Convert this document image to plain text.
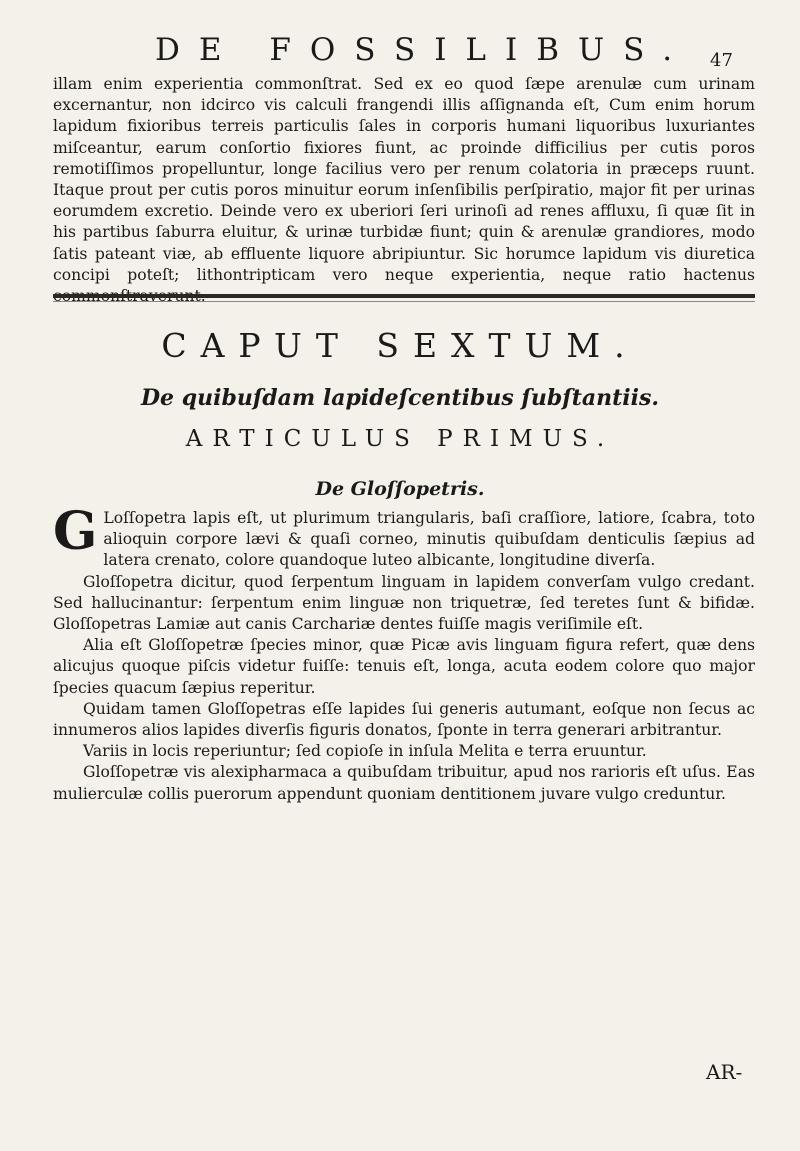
DE FOSSILIBUS. 47

illam enim experientia commonſtrat. Sed ex eo quod ſæpe arenulæ cum urinam excernantur, non idcirco vis calculi frangendi illis aſſignanda eſt, Cum enim horum lapidum fixioribus terreis particulis ſales in corporis humani liquoribus luxuriantes miſceantur, earum conſortio fixiores fiunt, ac proinde difficilius per cutis poros remotiſſimos propelluntur, longe facilius vero per renum colatoria in præceps ruunt. Itaque prout per cutis poros minuitur eorum inſenſibilis perſpiratio, major fit per urinas eorumdem excretio. Deinde vero ex uberiori ſeri urinoſi ad renes affluxu, ſi quæ ſit in his partibus ſaburra eluitur, & urinæ turbidæ fiunt; quin & arenulæ grandiores, modo ſatis pateant viæ, ab effluente liquore abripiuntur. Sic horumce lapidum vis diuretica concipi poteſt; lithontripticam vero neque experientia, neque ratio hactenus commonſtraverunt.

CAPUT SEXTUM.
De quibuſdam lapideſcentibus ſubſtantiis.
ARTICULUS PRIMUS.
De Gloſſopetris.

G Loſſopetra lapis eſt, ut plurimum triangularis, baſi craſſiore, latiore, ſcabra, toto alioquin corpore lævi & quaſi corneo, minutis quibuſdam denticulis ſæpius ad latera crenato, colore quandoque luteo albicante, longitudine diverſa.

Gloſſopetra dicitur, quod ſerpentum linguam in lapidem converſam vulgo credant. Sed hallucinantur: ſerpentum enim linguæ non triquetræ, ſed teretes ſunt & bifidæ. Gloſſopetras Lamiæ aut canis Carchariæ dentes fuiſſe magis veriſimile eſt.

Alia eſt Gloſſopetræ ſpecies minor, quæ Picæ avis linguam figura refert, quæ dens alicujus quoque piſcis videtur fuiſſe: tenuis eſt, longa, acuta eodem colore quo major ſpecies quacum ſæpius reperitur.

Quidam tamen Gloſſopetras eſſe lapides ſui generis autumant, eoſque non ſecus ac innumeros alios lapides diverſis figuris donatos, ſponte in terra generari arbitrantur.

Variis in locis reperiuntur; ſed copioſe in inſula Melita e terra eruuntur.

Gloſſopetræ vis alexipharmaca a quibuſdam tribuitur, apud nos rarioris eſt uſus. Eas mulierculæ collis puerorum appendunt quoniam dentitionem juvare vulgo creduntur.

AR-
